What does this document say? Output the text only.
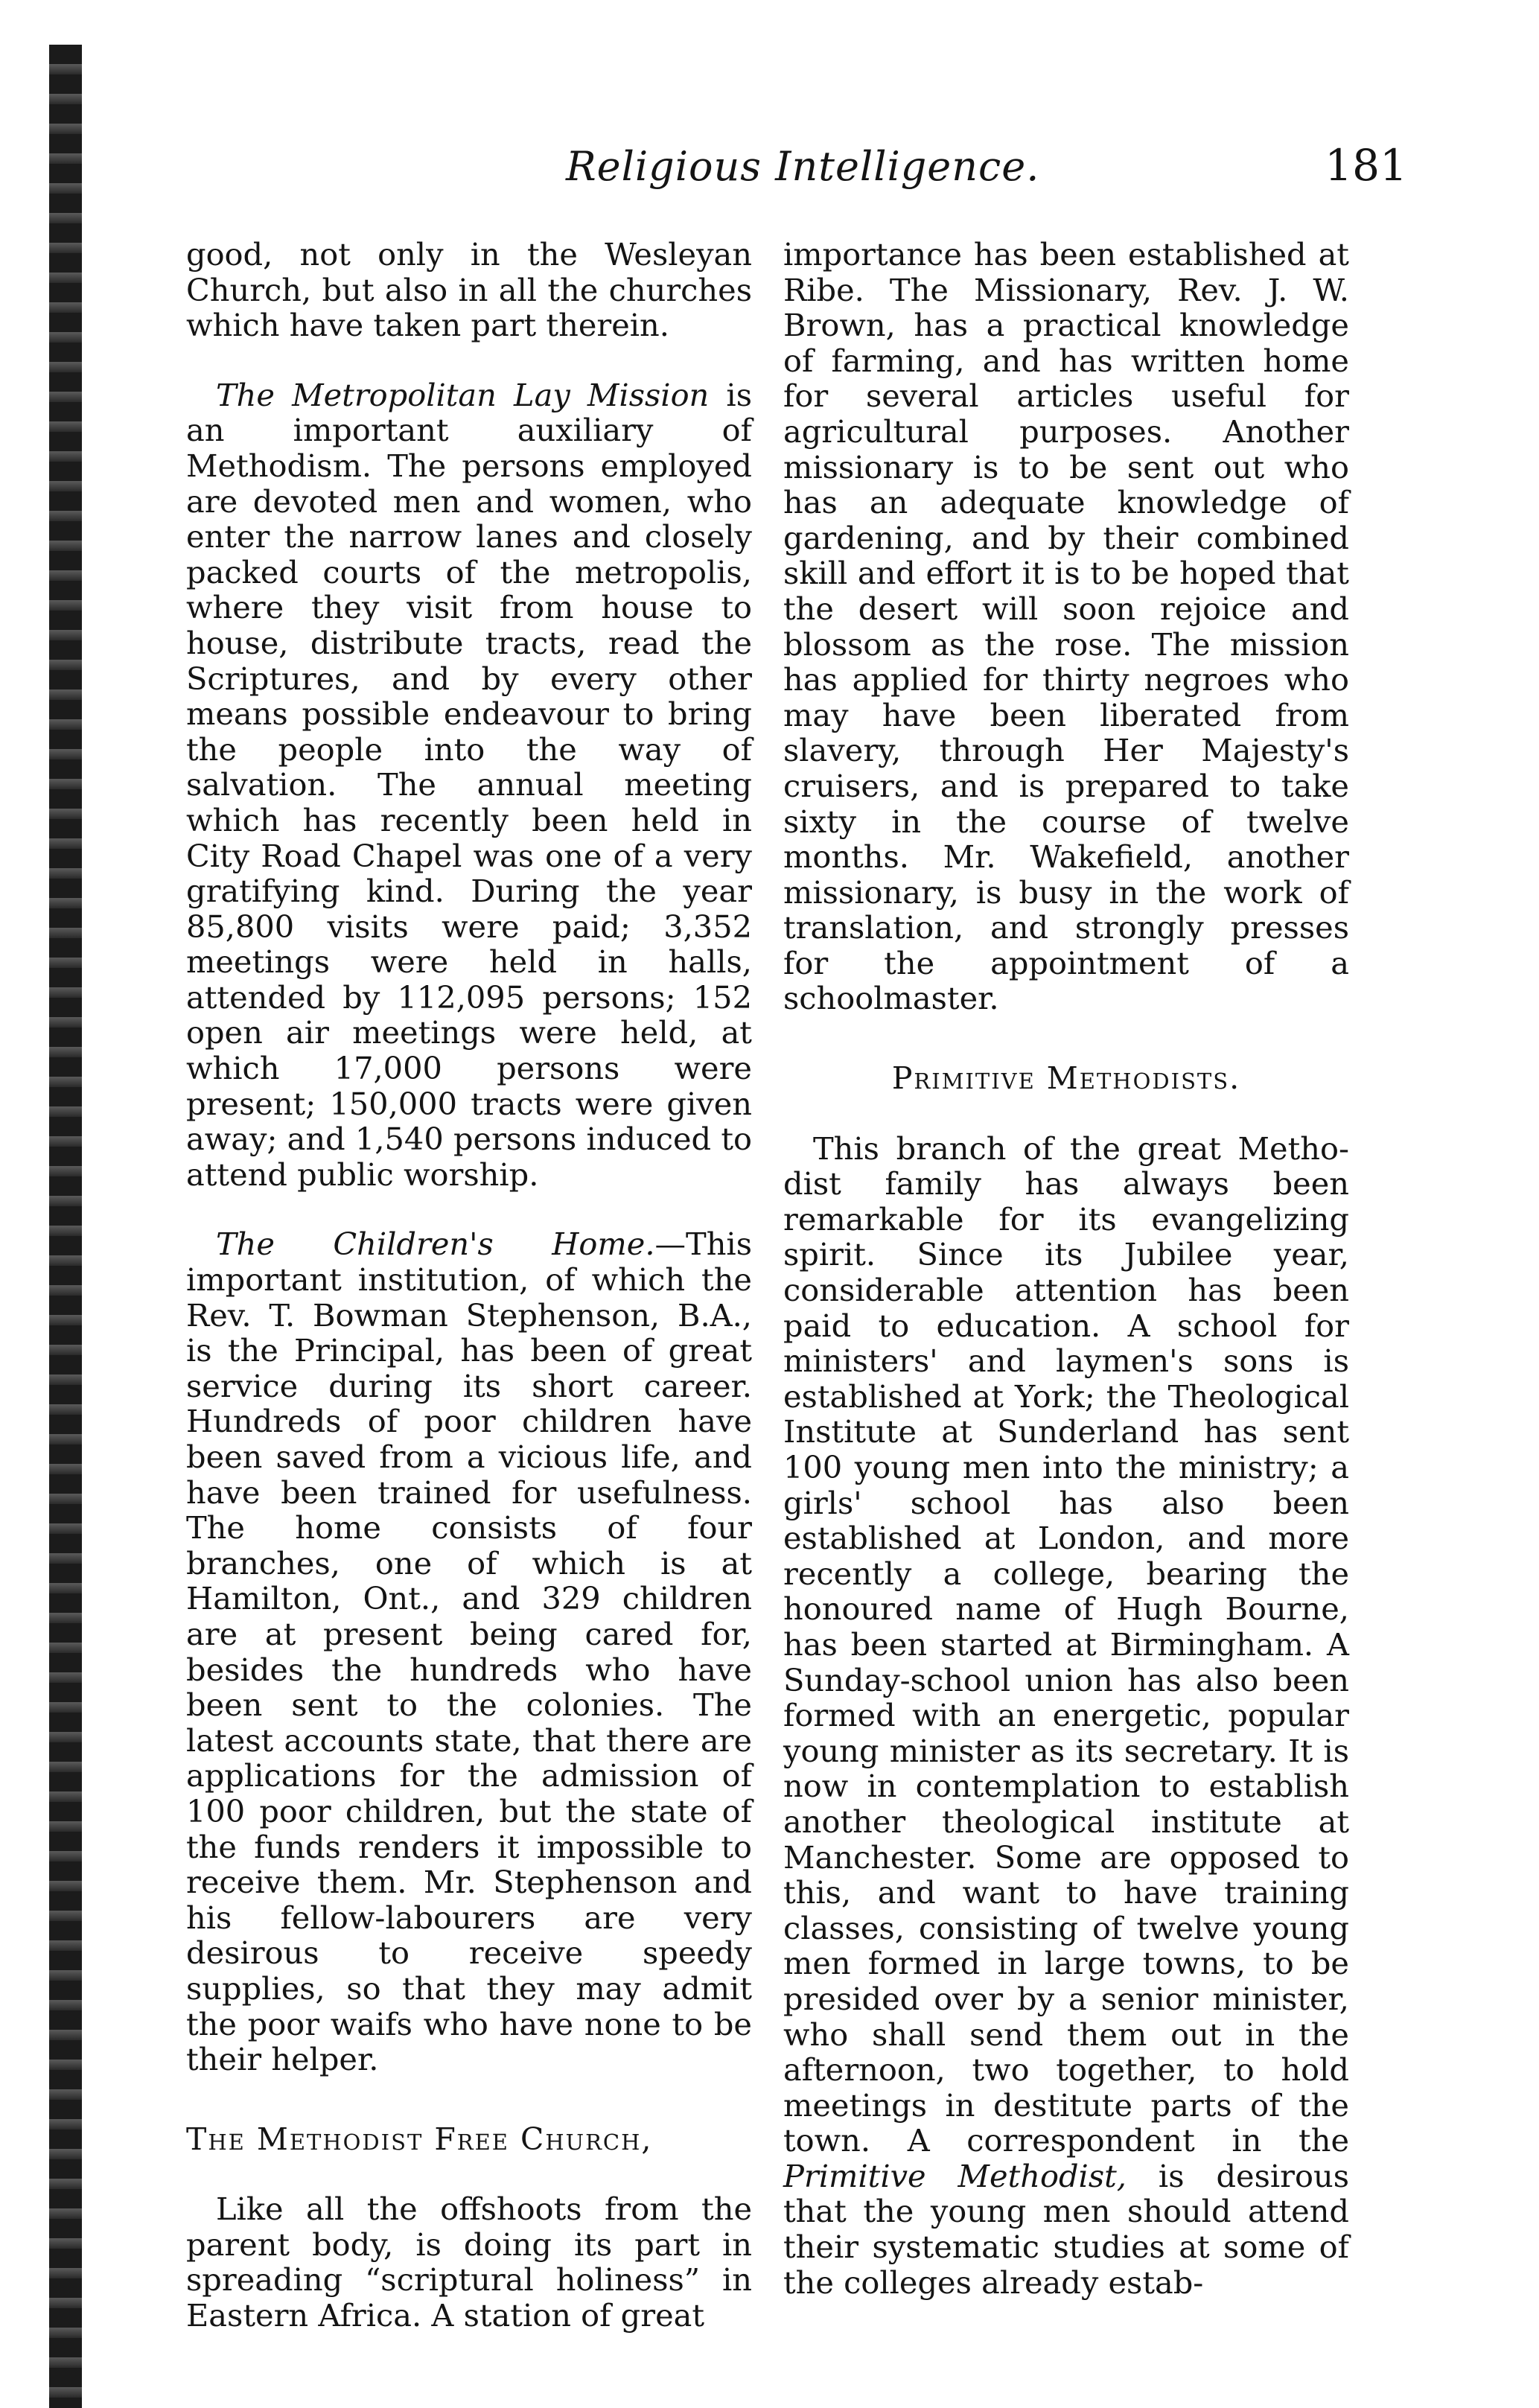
Religious Intelligence.	181

good, not only in the Wesleyan Church, but also in all the churches which have taken part therein.

The Metropolitan Lay Mission is an important auxiliary of Methodism. The persons employed are devoted men and women, who enter the narrow lanes and closely packed courts of the metropolis, where they visit from house to house, distribute tracts, read the Scriptures, and by every other means possible endeavour to bring the people into the way of salvation. The annual meeting which has recently been held in City Road Chapel was one of a very gratifying kind. During the year 85,800 visits were paid; 3,352 meetings were held in halls, attended by 112,095 persons; 152 open air meetings were held, at which 17,000 persons were present; 150,000 tracts were given away; and 1,540 persons induced to attend public worship.

The Children's Home.—This important institution, of which the Rev. T. Bowman Stephenson, B.A., is the Principal, has been of great service during its short career. Hundreds of poor children have been saved from a vicious life, and have been trained for usefulness. The home consists of four branches, one of which is at Hamilton, Ont., and 329 children are at present being cared for, besides the hundreds who have been sent to the colonies. The latest accounts state, that there are applications for the admission of 100 poor children, but the state of the funds renders it impossible to receive them. Mr. Stephenson and his fellow-labourers are very desirous to receive speedy supplies, so that they may admit the poor waifs who have none to be their helper.

The Methodist Free Church,

Like all the offshoots from the parent body, is doing its part in spreading “scriptural holiness” in Eastern Africa. A station of great

importance has been established at Ribe. The Missionary, Rev. J. W. Brown, has a practical knowledge of farming, and has written home for several articles useful for agricultural purposes. Another missionary is to be sent out who has an adequate knowledge of gardening, and by their combined skill and effort it is to be hoped that the desert will soon rejoice and blossom as the rose. The mission has applied for thirty negroes who may have been liberated from slavery, through Her Majesty's cruisers, and is prepared to take sixty in the course of twelve months. Mr. Wakefield, another missionary, is busy in the work of translation, and strongly presses for the appointment of a schoolmaster.

Primitive Methodists.

This branch of the great Metho-dist family has always been remarkable for its evangelizing spirit. Since its Jubilee year, considerable attention has been paid to education. A school for ministers' and laymen's sons is established at York; the Theological Institute at Sunderland has sent 100 young men into the ministry; a girls' school has also been established at London, and more recently a college, bearing the honoured name of Hugh Bourne, has been started at Birmingham. A Sunday-school union has also been formed with an energetic, popular young minister as its secretary. It is now in contemplation to establish another theological institute at Manchester. Some are opposed to this, and want to have training classes, consisting of twelve young men formed in large towns, to be presided over by a senior minister, who shall send them out in the afternoon, two together, to hold meetings in destitute parts of the town. A correspondent in the Primitive Methodist, is desirous that the young men should attend their systematic studies at some of the colleges already estab-
